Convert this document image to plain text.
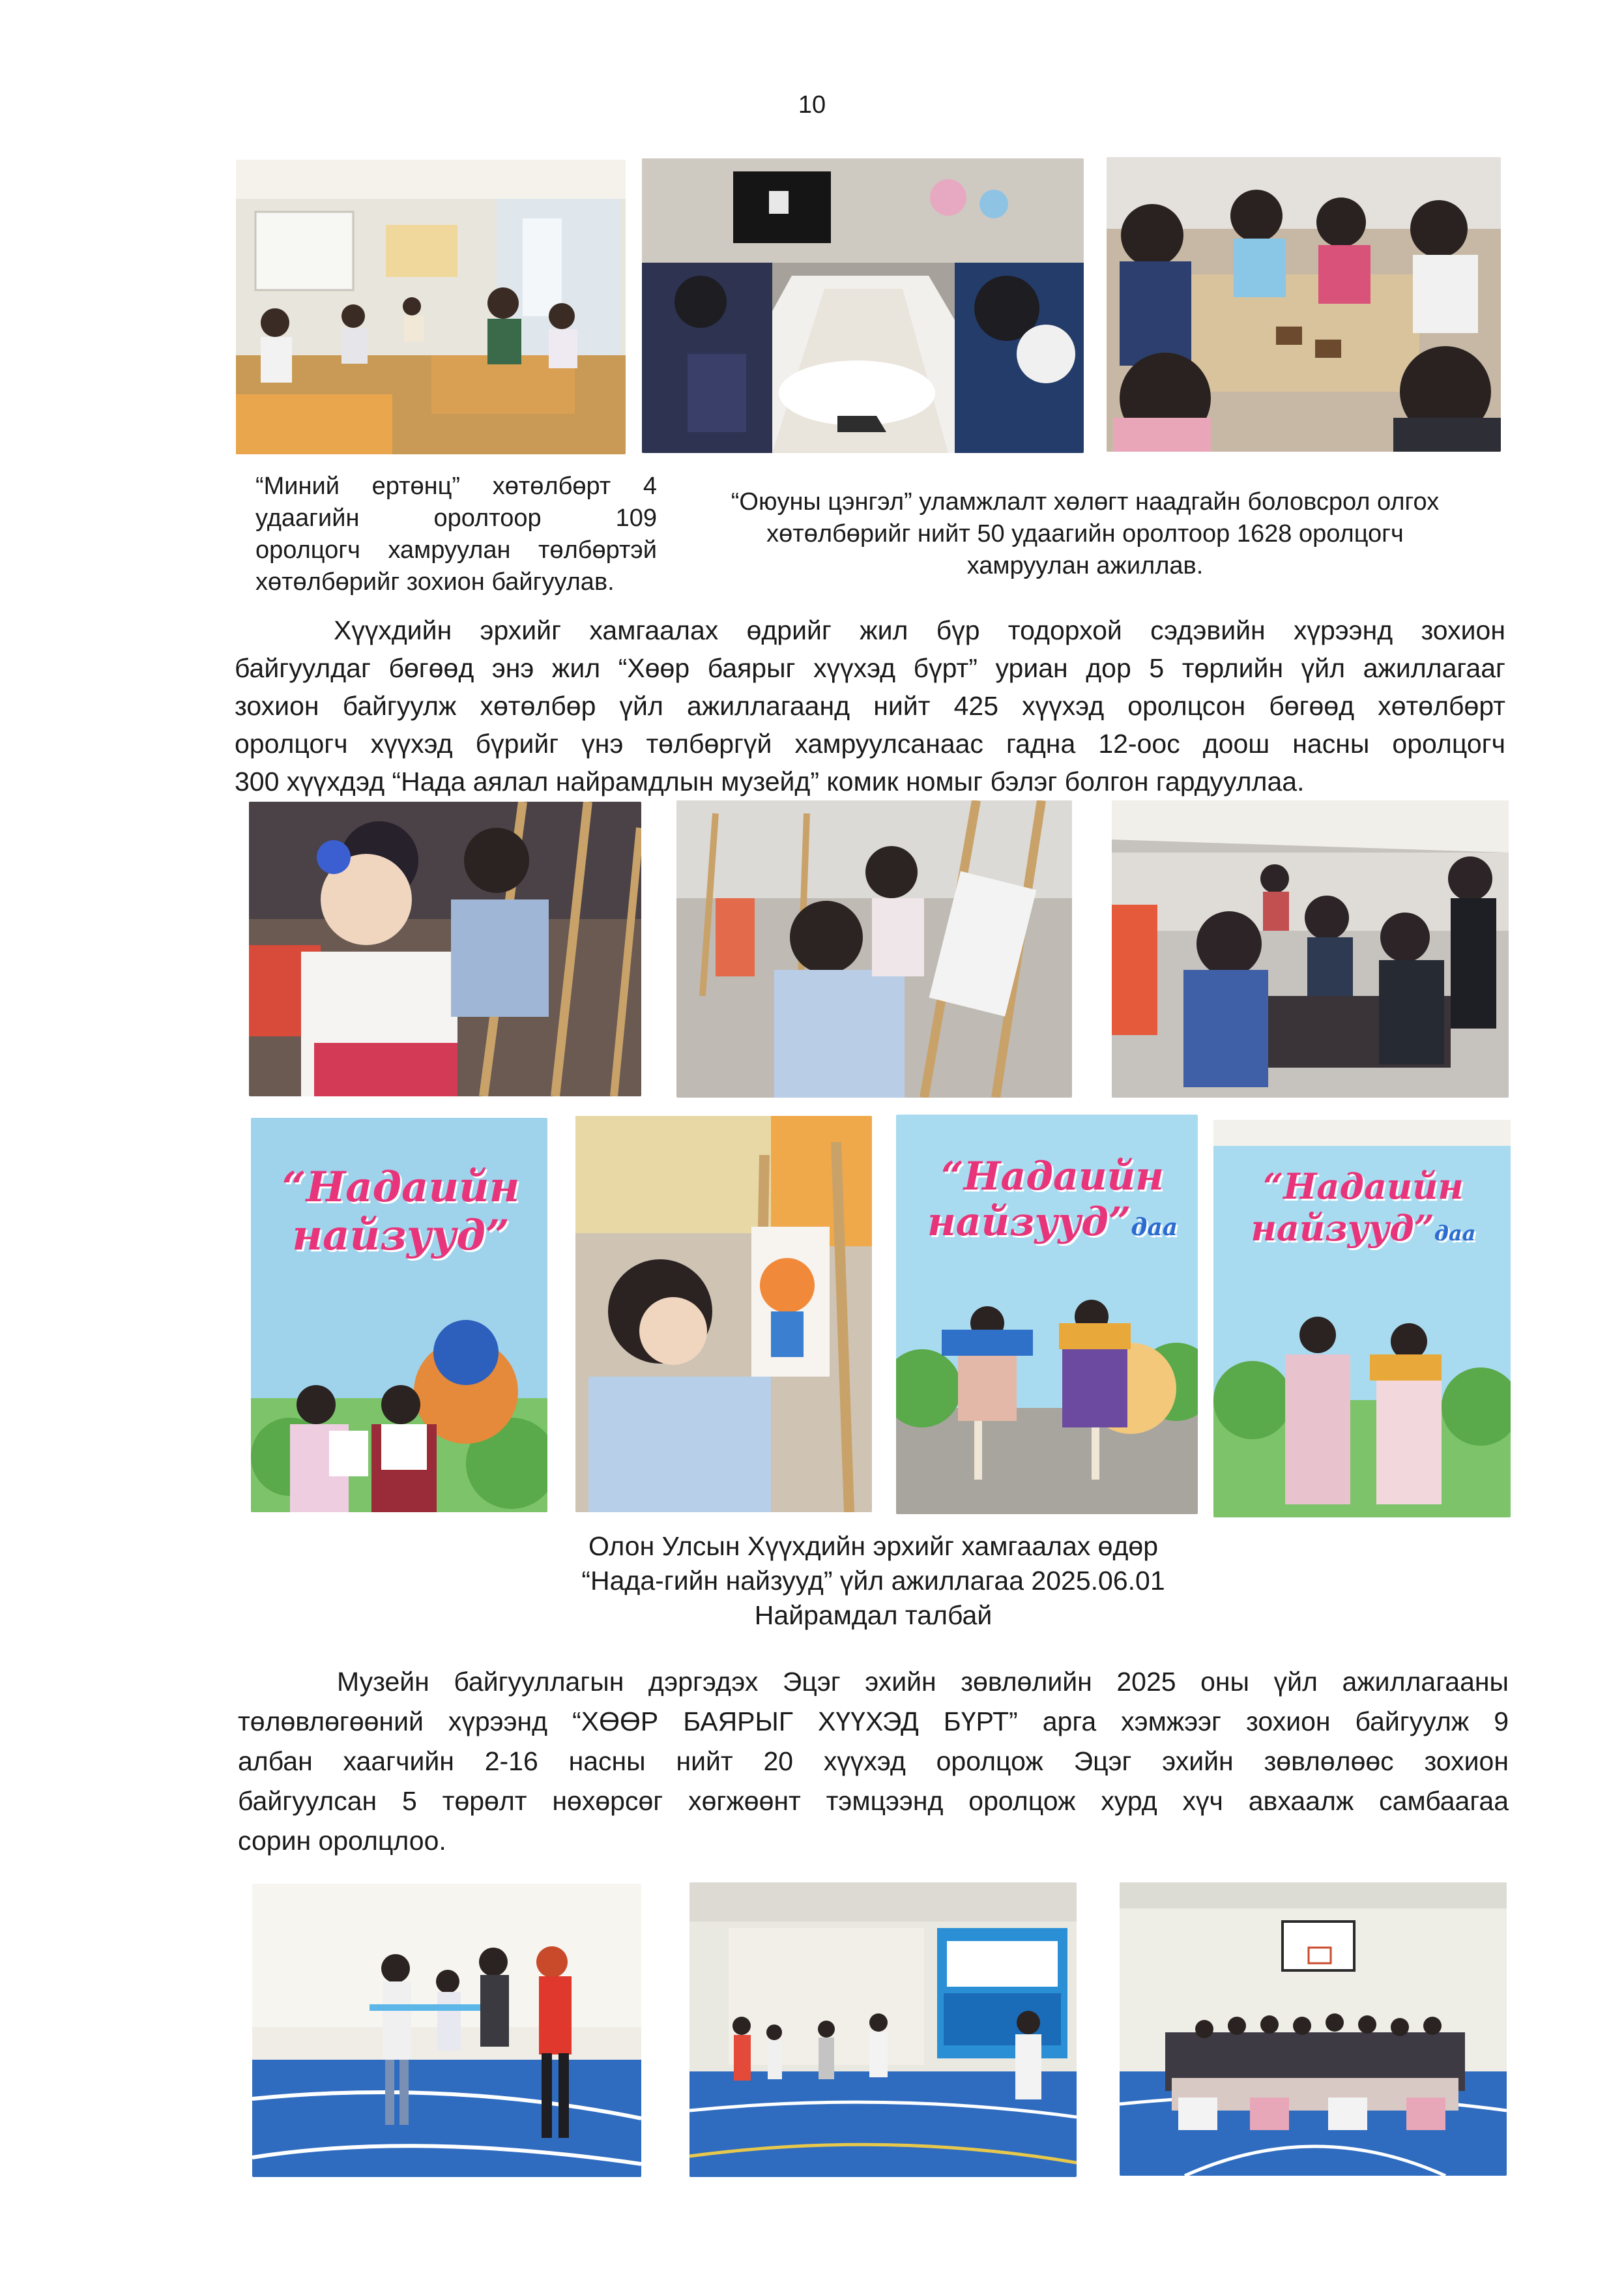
10
“Миний ертөнц” хөтөлбөрт 4
удаагийн оролтоор 109
оролцогч хамруулан төлбөртэй
хөтөлбөрийг зохион байгуулав.
“Оюуны цэнгэл” уламжлалт хөлөгт наадгайн боловсрол олгох
хөтөлбөрийг нийт 50 удаагийн оролтоор 1628 оролцогч
хамруулан ажиллав.
Хүүхдийн эрхийг хамгаалах өдрийг жил бүр тодорхой сэдэвийн хүрээнд зохион
байгуулдаг бөгөөд энэ жил “Хөөр баярыг хүүхэд бүрт” уриан дор 5 төрлийн үйл ажиллагааг
зохион байгуулж хөтөлбөр үйл ажиллагаанд нийт 425 хүүхэд оролцсон бөгөөд хөтөлбөрт
оролцогч хүүхэд бүрийг үнэ төлбөргүй хамруулсанаас гадна 12-оос доош насны оролцогч
300 хүүхдэд “Нада аялал найрамдлын музейд” комик номыг бэлэг болгон гардууллаа.
“Надаийн
найзууд”
“Надаийн
найзууд”даа
“Надаийн
найзууд”даа
Олон Улсын Хүүхдийн эрхийг хамгаалах өдөр
“Нада-гийн найзууд” үйл ажиллагаа 2025.06.01
Найрамдал талбай
Музейн байгууллагын дэргэдэх Эцэг эхийн зөвлөлийн 2025 оны үйл ажиллагааны
төлөвлөгөөний хүрээнд “ХӨӨР БАЯРЫГ ХҮҮХЭД БҮРТ” арга хэмжээг зохион байгуулж 9
албан хаагчийн 2-16 насны нийт 20 хүүхэд оролцож Эцэг эхийн зөвлөлөөс зохион
байгуулсан 5 төрөлт нөхөрсөг хөгжөөнт тэмцээнд оролцож хурд хүч авхаалж самбаагаа
сорин оролцлоо.
